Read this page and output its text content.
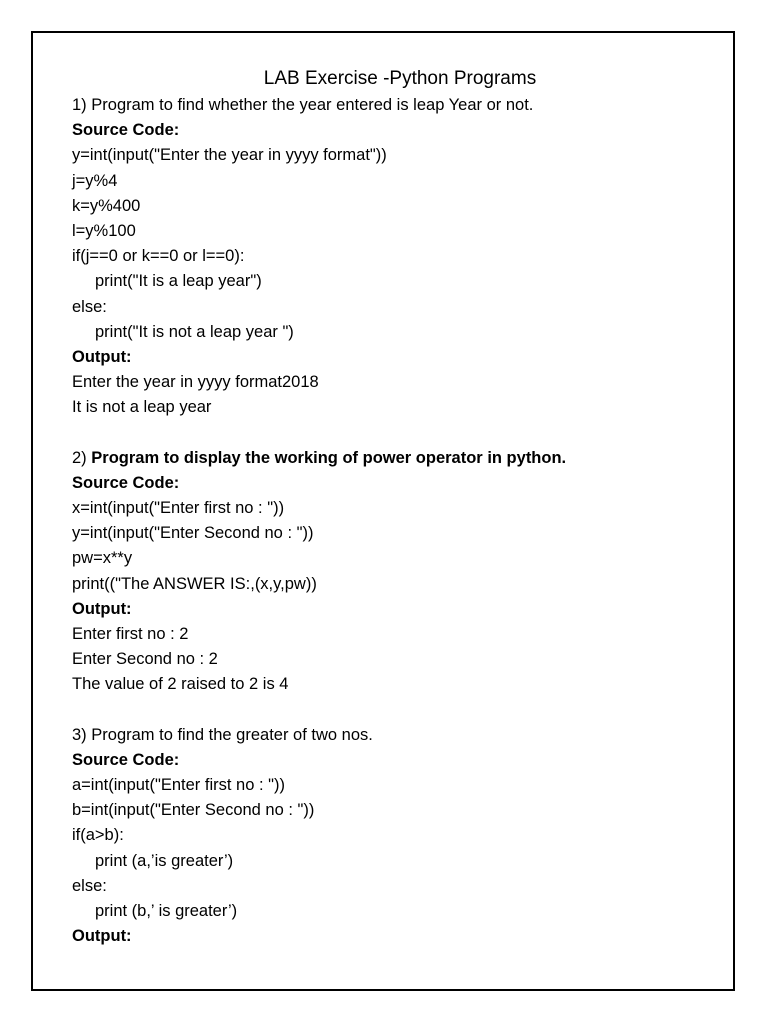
LAB Exercise -Python Programs
1) Program to find whether the year entered is leap Year or not.
Source Code:
y=int(input("Enter the year in yyyy format"))
j=y%4
k=y%400
l=y%100
if(j==0 or k==0 or l==0):
print("It is a leap year")
else:
print("It is not a leap year ")
Output:
Enter the year in yyyy format2018
It is not a leap year
2) Program to display the working of power operator in python.
Source Code:
x=int(input("Enter first no : "))
y=int(input("Enter Second no : "))
pw=x**y
print(("The ANSWER IS:,(x,y,pw))
Output:
Enter first no : 2
Enter Second no : 2
The value of 2 raised to 2 is 4
3) Program to find the greater of two nos.
Source Code:
a=int(input("Enter first no : "))
b=int(input("Enter Second no : "))
if(a>b):
print (a,’is greater’)
else:
print (b,’ is greater’)
Output:
